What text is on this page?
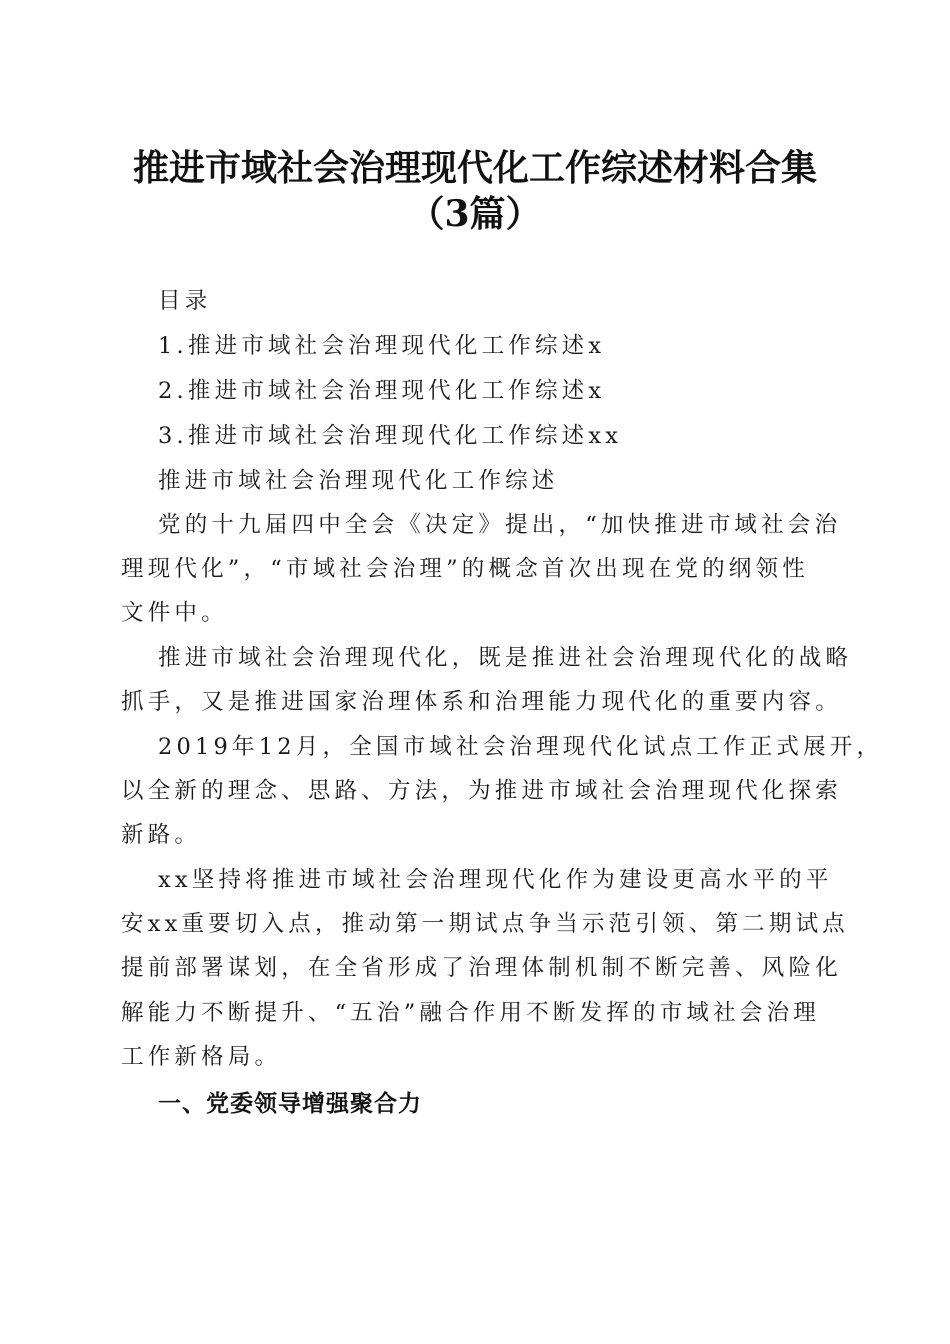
推进市域社会治理现代化工作综述材料合集
（3篇）

目录

1.推进市域社会治理现代化工作综述x

2.推进市域社会治理现代化工作综述x

3.推进市域社会治理现代化工作综述xx

推进市域社会治理现代化工作综述

党的十九届四中全会《决定》提出，“加快推进市域社会治

理现代化”，“市域社会治理”的概念首次出现在党的纲领性

文件中。

推进市域社会治理现代化，既是推进社会治理现代化的战略

抓手，又是推进国家治理体系和治理能力现代化的重要内容。

2019年12月，全国市域社会治理现代化试点工作正式展开，

以全新的理念、思路、方法，为推进市域社会治理现代化探索

新路。

xx坚持将推进市域社会治理现代化作为建设更高水平的平

安xx重要切入点，推动第一期试点争当示范引领、第二期试点

提前部署谋划，在全省形成了治理体制机制不断完善、风险化

解能力不断提升、“五治”融合作用不断发挥的市域社会治理

工作新格局。

一、党委领导增强聚合力
